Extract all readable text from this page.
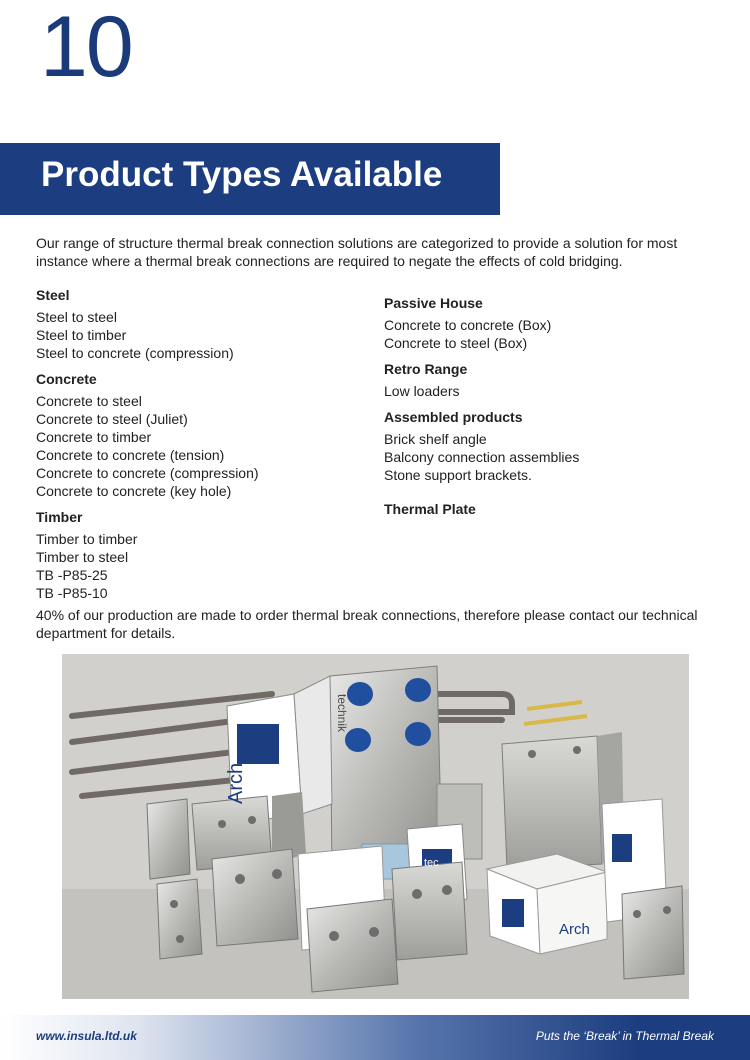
10
Product Types Available
Our range of structure thermal break connection solutions are categorized to provide a solution for most instance where a thermal break connections are required to negate the effects of cold bridging.
Steel
Steel to steel
Steel to timber
Steel to concrete (compression)
Concrete
Concrete to steel
Concrete to steel (Juliet)
Concrete to timber
Concrete to concrete (tension)
Concrete to concrete (compression)
Concrete to concrete (key hole)
Timber
Timber to timber
Timber to steel
TB -P85-25
TB -P85-10
Passive House
Concrete to concrete (Box)
Concrete to steel (Box)
Retro Range
Low loaders
Assembled products
Brick shelf angle
Balcony connection assemblies
Stone support brackets.
Thermal Plate
40% of our production are made to order thermal break connections, therefore please contact our technical department for details.
Arch
tec
Arch
technik
www.insula.ltd.uk	Puts the ‘Break’ in Thermal Break
